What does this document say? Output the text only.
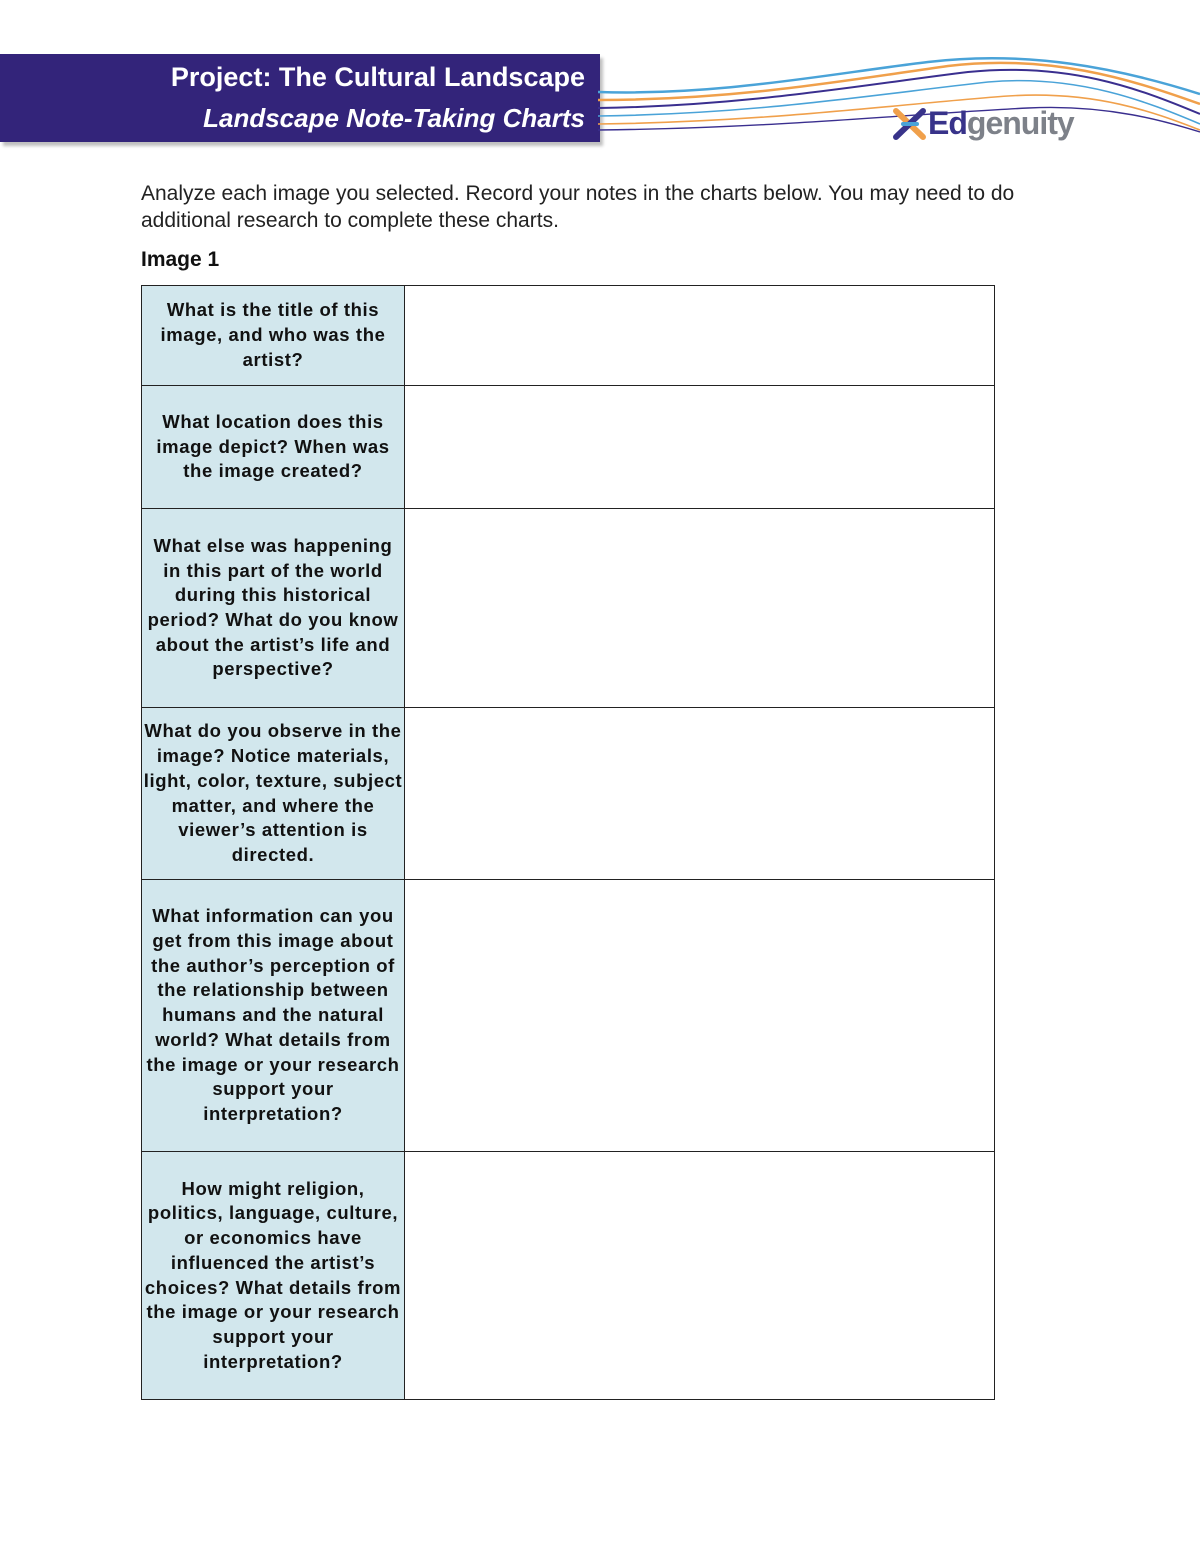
Project: The Cultural Landscape
Landscape Note-Taking Charts	Edgenuity
Analyze each image you selected. Record your notes in the charts below. You may need to do additional research to complete these charts.
Image 1
What is the title of this image, and who was the artist?	
What location does this image depict? When was the image created?	
What else was happening in this part of the world during this historical period? What do you know about the artist’s life and perspective?	
What do you observe in the image? Notice materials, light, color, texture, subject matter, and where the viewer’s attention is directed.	
What information can you get from this image about the author’s perception of the relationship between humans and the natural world? What details from the image or your research support your interpretation?	
How might religion, politics, language, culture, or economics have influenced the artist’s choices? What details from the image or your research support your interpretation?	
